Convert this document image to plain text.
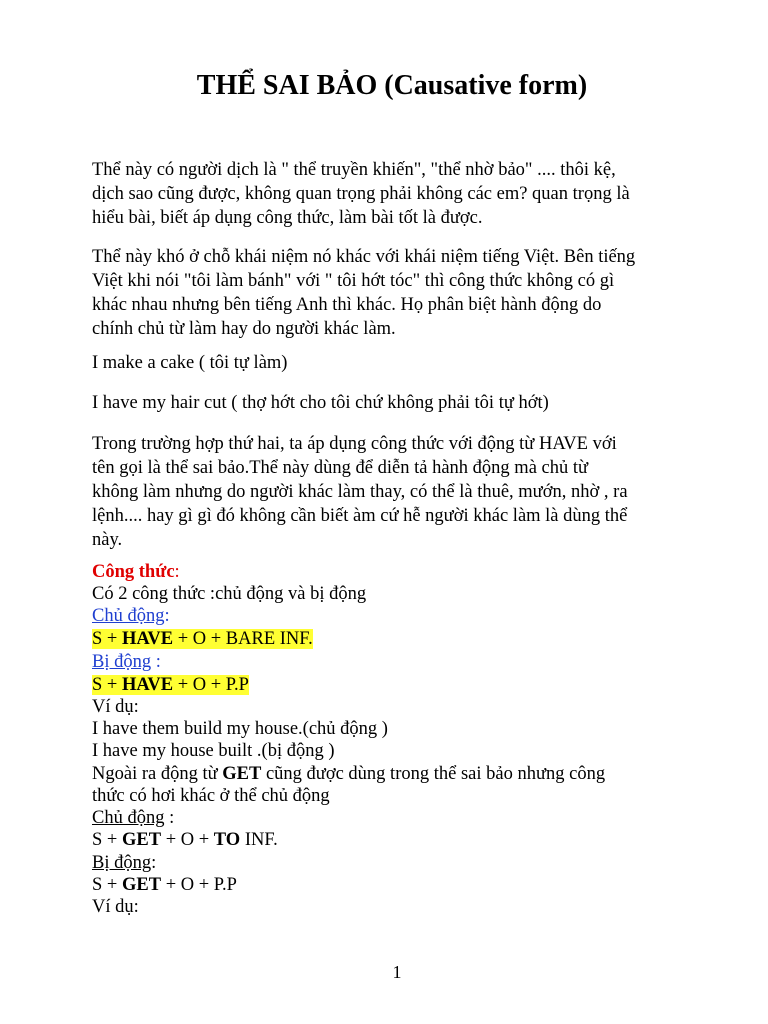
THỂ SAI BẢO (Causative form)

Thể này có người dịch là " thể truyền khiến", "thể nhờ bảo" .... thôi kệ,
dịch sao cũng được, không quan trọng phải không các em? quan trọng là
hiểu bài, biết áp dụng công thức, làm bài tốt là được.

Thể này khó ở chỗ khái niệm nó khác với khái niệm tiếng Việt. Bên tiếng
Việt khi nói "tôi làm bánh" với " tôi hớt tóc" thì công thức không có gì
khác nhau nhưng bên tiếng Anh thì khác. Họ phân biệt hành động do
chính chủ từ làm hay do người khác làm.

I make a cake ( tôi tự làm)

I have my hair cut ( thợ hớt cho tôi chứ không phải tôi tự hớt)

Trong trường hợp thứ hai, ta áp dụng công thức với động từ HAVE với
tên gọi là thể sai bảo.Thể này dùng để diễn tả hành động mà chủ từ
không làm nhưng do người khác làm thay, có thể là thuê, mướn, nhờ , ra
lệnh.... hay gì gì đó không cần biết àm cứ hễ người khác làm là dùng thể
này.

Công thức:

Có 2 công thức :chủ động và bị động

Chủ động:

S + HAVE + O + BARE INF.

Bị động :

S + HAVE + O + P.P

Ví dụ:

I have them build my house.(chủ động )

I have my house built .(bị động )

Ngoài ra động từ GET cũng được dùng trong thể sai bảo nhưng công

thức có hơi khác ở thể chủ động

Chủ động :

S + GET + O + TO INF.

Bị động:

S + GET + O + P.P

Ví dụ:

1
